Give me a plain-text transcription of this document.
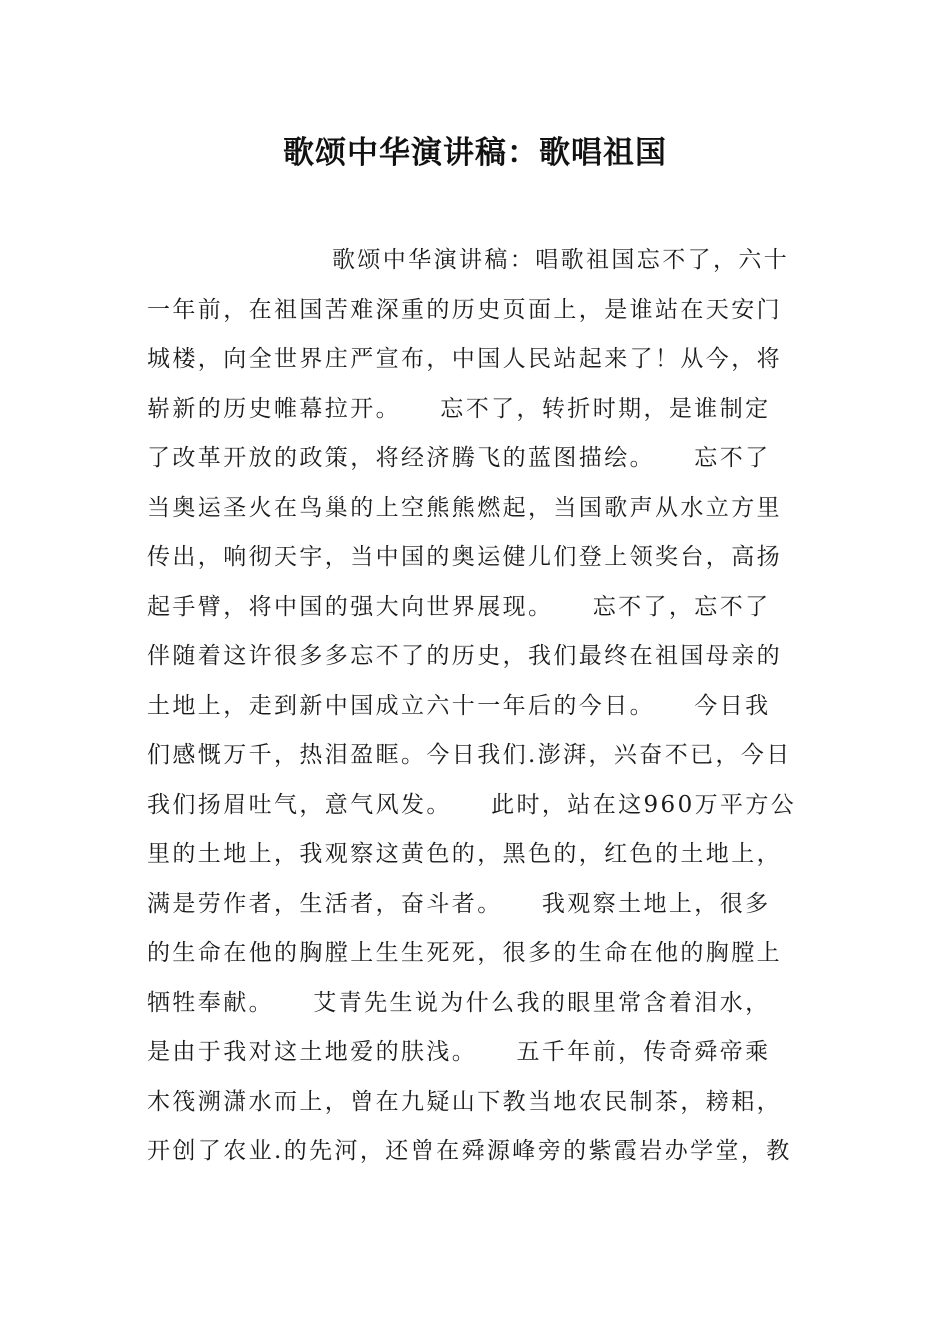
歌颂中华演讲稿：歌唱祖国
歌颂中华演讲稿：唱歌祖国忘不了，六十
一年前，在祖国苦难深重的历史页面上，是谁站在天安门
城楼，向全世界庄严宣布，中国人民站起来了！从今，将
崭新的历史帷幕拉开。　　忘不了，转折时期，是谁制定
了改革开放的政策，将经济腾飞的蓝图描绘。　　忘不了
当奥运圣火在鸟巢的上空熊熊燃起，当国歌声从水立方里
传出，响彻天宇，当中国的奥运健儿们登上领奖台，高扬
起手臂，将中国的强大向世界展现。　　忘不了，忘不了
伴随着这许很多多忘不了的历史，我们最终在祖国母亲的
土地上，走到新中国成立六十一年后的今日。　　今日我
们感慨万千，热泪盈眶。今日我们.澎湃，兴奋不已，今日
我们扬眉吐气，意气风发。　　此时，站在这960万平方公
里的土地上，我观察这黄色的，黑色的，红色的土地上，
满是劳作者，生活者，奋斗者。　　我观察土地上，很多
的生命在他的胸膛上生生死死，很多的生命在他的胸膛上
牺牲奉献。　　艾青先生说为什么我的眼里常含着泪水，
是由于我对这土地爱的肤浅。　　五千年前，传奇舜帝乘
木筏溯潇水而上，曾在九疑山下教当地农民制茶，耪耜，
开创了农业.的先河，还曾在舜源峰旁的紫霞岩办学堂，教
